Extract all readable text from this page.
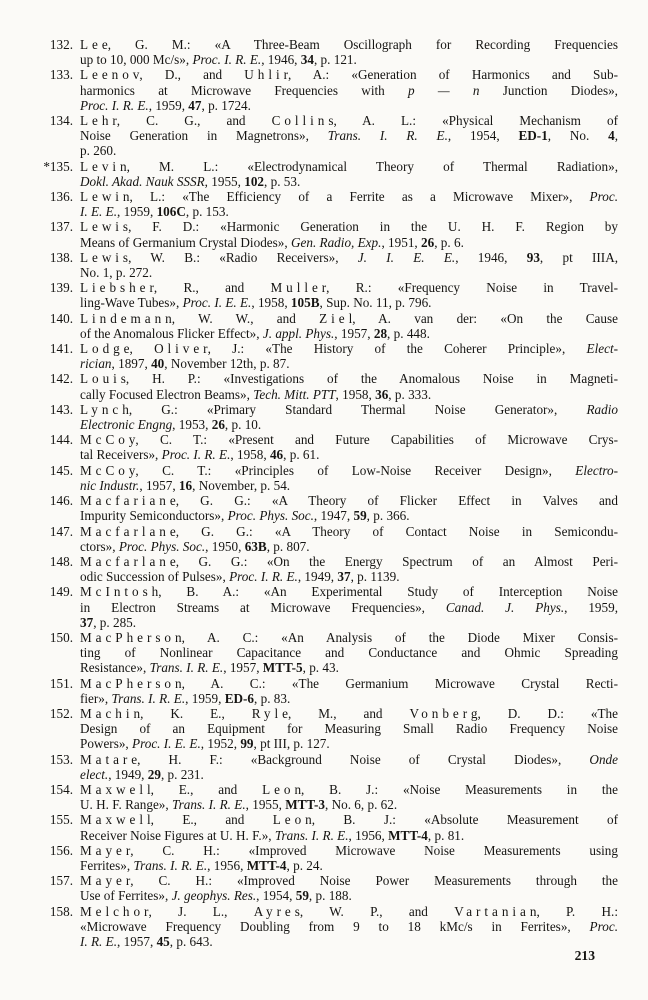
132. Lee, G. M.: «A Three-Beam Oscillograph for Recording Frequencies
up to 10, 000 Mc/s», Proc. I. R. E., 1946, 34, p. 121.
133. Leenov, D., and Uhlir, A.: «Generation of Harmonics and Sub-
harmonics at Microwave Frequencies with p — n Junction Diodes»,
Proc. I. R. E., 1959, 47, p. 1724.
134. Lehr, C. G., and Collins, A. L.: «Physical Mechanism of
Noise Generation in Magnetrons», Trans. I. R. E., 1954, ED-1, No. 4,
p. 260.
*135. Levin, M. L.: «Electrodynamical Theory of Thermal Radiation»,
Dokl. Akad. Nauk SSSR, 1955, 102, p. 53.
136. Lewin, L.: «The Efficiency of a Ferrite as a Microwave Mixer», Proc.
I. E. E., 1959, 106C, p. 153.
137. Lewis, F. D.: «Harmonic Generation in the U. H. F. Region by
Means of Germanium Crystal Diodes», Gen. Radio, Exp., 1951, 26, p. 6.
138. Lewis, W. B.: «Radio Receivers», J. I. E. E., 1946, 93, pt IIIA,
No. 1, p. 272.
139. Liebsher, R., and Muller, R.: «Frequency Noise in Travel-
ling-Wave Tubes», Proc. I. E. E., 1958, 105B, Sup. No. 11, p. 796.
140. Lindemann, W. W., and Ziel, A. van der: «On the Cause
of the Anomalous Flicker Effect», J. appl. Phys., 1957, 28, p. 448.
141. Lodge, Oliver, J.: «The History of the Coherer Principle», Elect-
rician, 1897, 40, November 12th, p. 87.
142. Louis, H. P.: «Investigations of the Anomalous Noise in Magneti-
cally Focused Electron Beams», Tech. Mitt. PTT, 1958, 36, p. 333.
143. Lynch, G.: «Primary Standard Thermal Noise Generator», Radio
Electronic Engng, 1953, 26, p. 10.
144. McCoy, C. T.: «Present and Future Capabilities of Microwave Crys-
tal Receivers», Proc. I. R. E., 1958, 46, p. 61.
145. McCoy, C. T.: «Principles of Low-Noise Receiver Design», Electro-
nic Industr., 1957, 16, November, p. 54.
146. Macfariane, G. G.: «A Theory of Flicker Effect in Valves and
Impurity Semiconductors», Proc. Phys. Soc., 1947, 59, p. 366.
147. Macfarlane, G. G.: «A Theory of Contact Noise in Semicondu-
ctors», Proc. Phys. Soc., 1950, 63B, p. 807.
148. Macfarlane, G. G.: «On the Energy Spectrum of an Almost Peri-
odic Succession of Pulses», Proc. I. R. E., 1949, 37, p. 1139.
149. McIntosh, B. A.: «An Experimental Study of Interception Noise
in Electron Streams at Microwave Frequencies», Canad. J. Phys., 1959,
37, p. 285.
150. MacPherson, A. C.: «An Analysis of the Diode Mixer Consis-
ting of Nonlinear Capacitance and Conductance and Ohmic Spreading
Resistance», Trans. I. R. E., 1957, MTT-5, p. 43.
151. MacPherson, A. C.: «The Germanium Microwave Crystal Recti-
fier», Trans. I. R. E., 1959, ED-6, p. 83.
152. Machin, K. E., Ryle, M., and Vonberg, D. D.: «The
Design of an Equipment for Measuring Small Radio Frequency Noise
Powers», Proc. I. E. E., 1952, 99, pt III, p. 127.
153. Matare, H. F.: «Background Noise of Crystal Diodes», Onde
elect., 1949, 29, p. 231.
154. Maxwell, E., and Leon, B. J.: «Noise Measurements in the
U. H. F. Range», Trans. I. R. E., 1955, MTT-3, No. 6, p. 62.
155. Maxwell, E., and Leon, B. J.: «Absolute Measurement of
Receiver Noise Figures at U. H. F.», Trans. I. R. E., 1956, MTT-4, p. 81.
156. Mayer, C. H.: «Improved Microwave Noise Measurements using
Ferrites», Trans. I. R. E., 1956, MTT-4, p. 24.
157. Mayer, C. H.: «Improved Noise Power Measurements through the
Use of Ferrites», J. geophys. Res., 1954, 59, p. 188.
158. Melchor, J. L., Ayres, W. P., and Vartanian, P. H.:
«Microwave Frequency Doubling from 9 to 18 kMc/s in Ferrites», Proc.
I. R. E., 1957, 45, p. 643.
213
